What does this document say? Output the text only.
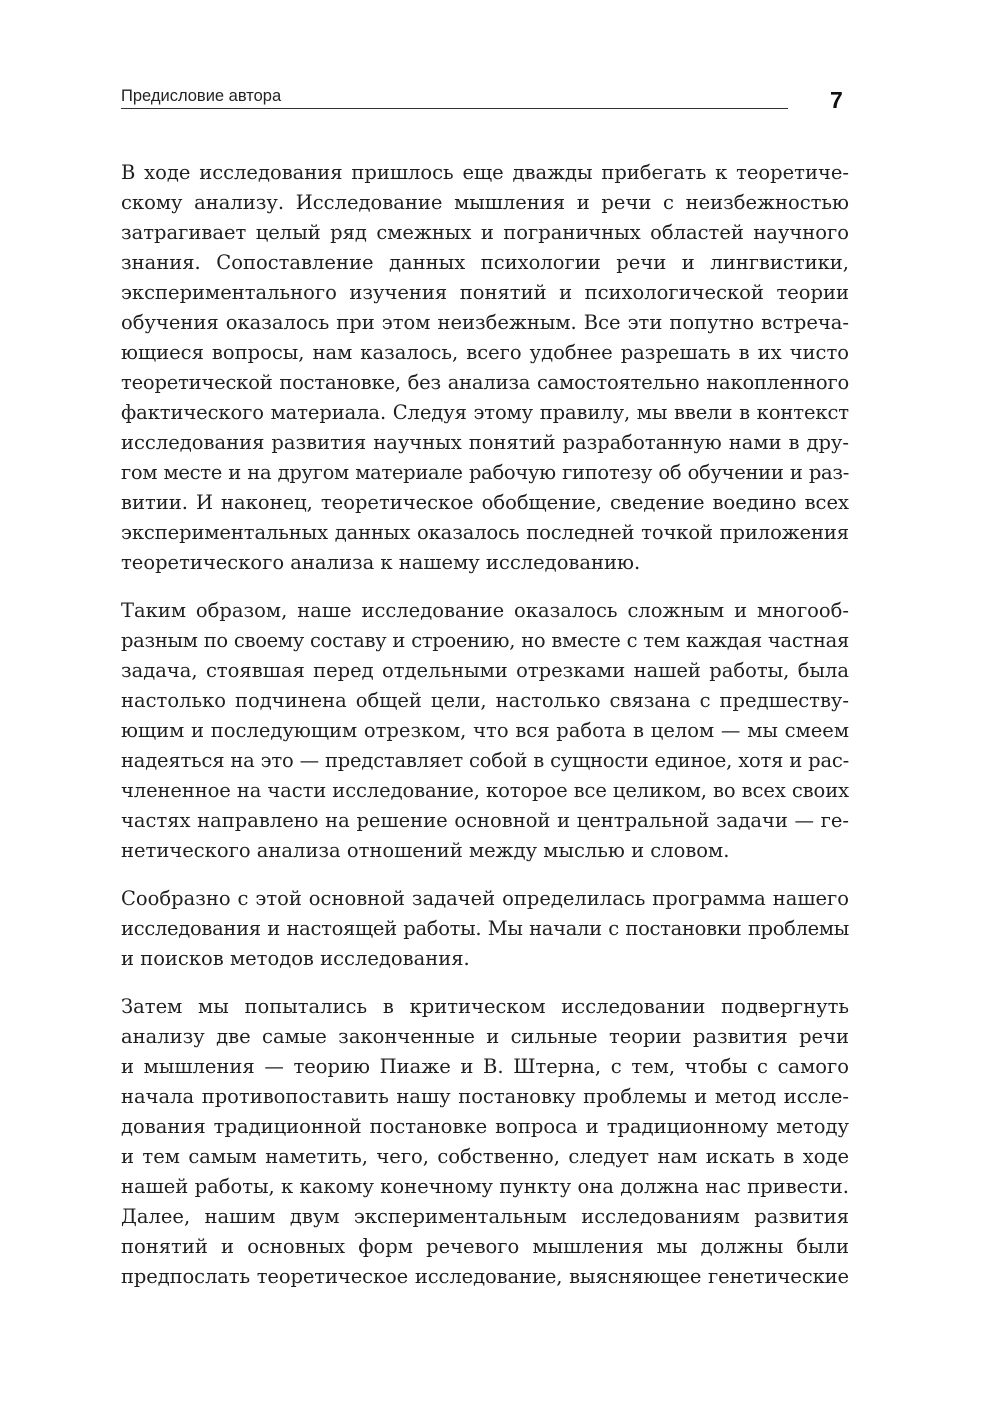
Предисловие автора	7
В ходе исследования пришлось еще дважды прибегать к теоретиче-
скому анализу. Исследование мышления и речи с неизбежностью
затрагивает целый ряд смежных и пограничных областей научного
знания. Сопоставление данных психологии речи и лингвистики,
экспериментального изучения понятий и психологической теории
обучения оказалось при этом неизбежным. Все эти попутно встреча-
ющиеся вопросы, нам казалось, всего удобнее разрешать в их чисто
теоретической постановке, без анализа самостоятельно накопленного
фактического материала. Следуя этому правилу, мы ввели в контекст
исследования развития научных понятий разработанную нами в дру-
гом месте и на другом материале рабочую гипотезу об обучении и раз-
витии. И наконец, теоретическое обобщение, сведение воедино всех
экспериментальных данных оказалось последней точкой приложения
теоретического анализа к нашему исследованию.
Таким образом, наше исследование оказалось сложным и многооб-
разным по своему составу и строению, но вместе с тем каждая частная
задача, стоявшая перед отдельными отрезками нашей работы, была
настолько подчинена общей цели, настолько связана с предшеству-
ющим и последующим отрезком, что вся работа в целом — мы смеем
надеяться на это — представляет собой в сущности единое, хотя и рас-
члененное на части исследование, которое все целиком, во всех своих
частях направлено на решение основной и центральной задачи — ге-
нетического анализа отношений между мыслью и словом.
Сообразно с этой основной задачей определилась программа нашего
исследования и настоящей работы. Мы начали с постановки проблемы
и поисков методов исследования.
Затем мы попытались в критическом исследовании подвергнуть
анализу две самые законченные и сильные теории развития речи
и мышления — теорию Пиаже и В. Штерна, с тем, чтобы с самого
начала противопоставить нашу постановку проблемы и метод иссле-
дования традиционной постановке вопроса и традиционному методу
и тем самым наметить, чего, собственно, следует нам искать в ходе
нашей работы, к какому конечному пункту она должна нас привести.
Далее, нашим двум экспериментальным исследованиям развития
понятий и основных форм речевого мышления мы должны были
предпослать теоретическое исследование, выясняющее генетические
